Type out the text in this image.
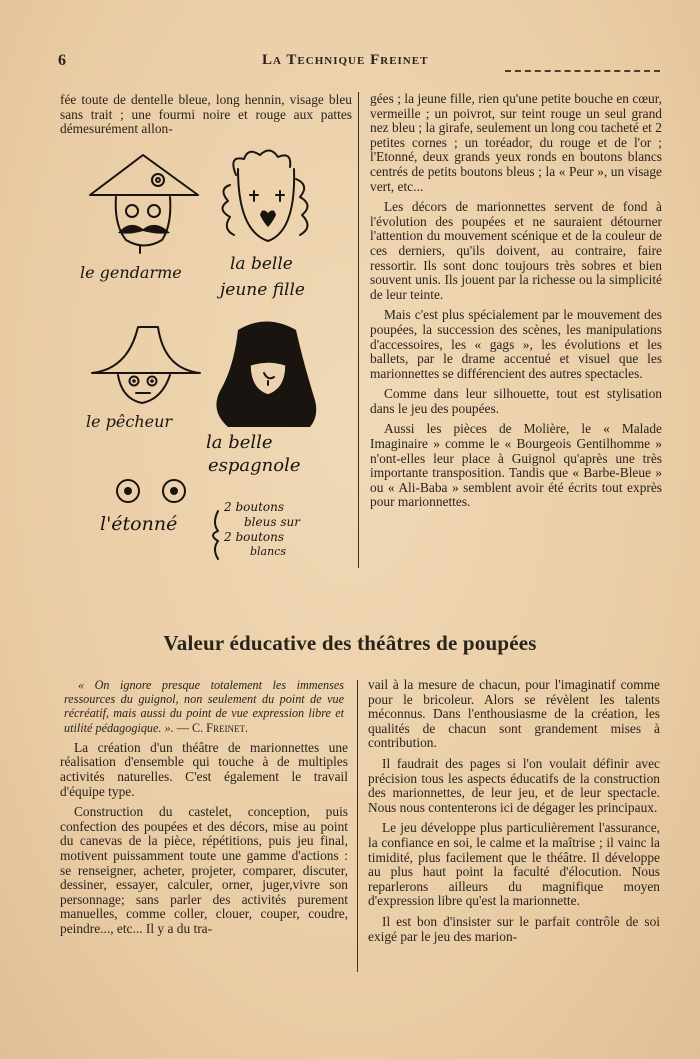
6	La Technique Freinet

fée toute de dentelle bleue, long hennin, visage bleu sans trait ; une fourmi noire et rouge aux pattes démesurément allon-

le gendarme	la belle
jeune fille
le pêcheur
la belle
espagnole
l'étonné
2 boutons
bleus sur
2 boutons
blancs

gées ; la jeune fille, rien qu'une petite bouche en cœur, vermeille ; un poivrot, sur teint rouge un seul grand nez bleu ; la girafe, seulement un long cou tacheté et 2 petites cornes ; un toréador, du rouge et de l'or ; l'Etonné, deux grands yeux ronds en boutons blancs centrés de petits boutons bleus ; la « Peur », un visage vert, etc...

Les décors de marionnettes servent de fond à l'évolution des poupées et ne sauraient détourner l'attention du mouvement scénique et de la couleur de ces derniers, qu'ils doivent, au contraire, faire ressortir. Ils sont donc toujours très sobres et bien souvent unis. Ils jouent par la richesse ou la simplicité de leur teinte.

Mais c'est plus spécialement par le mouvement des poupées, la succession des scènes, les manipulations d'accessoires, les « gags », les évolutions et les ballets, par le drame accentué et visuel que les marionnettes se différencient des autres spectacles.

Comme dans leur silhouette, tout est stylisation dans le jeu des poupées.

Aussi les pièces de Molière, le « Malade Imaginaire » comme le « Bourgeois Gentilhomme » n'ont-elles leur place à Guignol qu'après une très importante transposition. Tandis que « Barbe-Bleue » ou « Ali-Baba » semblent avoir été écrits tout exprès pour marionnettes.

Valeur éducative des théâtres de poupées

« On ignore presque totalement les immenses ressources du guignol, non seulement du point de vue récréatif, mais aussi du point de vue expression libre et utilité pédagogique. ». — C. Freinet.

La création d'un théâtre de marionnettes une réalisation d'ensemble qui touche à de multiples activités naturelles. C'est également le travail d'équipe type.

Construction du castelet, conception, puis confection des poupées et des décors, mise au point du canevas de la pièce, répétitions, puis jeu final, motivent puissamment toute une gamme d'actions : se renseigner, acheter, projeter, comparer, discuter, dessiner, essayer, calculer, orner, juger,vivre son personnage; sans parler des activités purement manuelles, comme coller, clouer, couper, coudre, peindre..., etc... Il y a du tra-

vail à la mesure de chacun, pour l'imaginatif comme pour le bricoleur. Alors se révèlent les talents méconnus. Dans l'enthousiasme de la création, les qualités de chacun sont grandement mises à contribution.

Il faudrait des pages si l'on voulait définir avec précision tous les aspects éducatifs de la construction des marionnettes, de leur jeu, et de leur spectacle. Nous nous contenterons ici de dégager les principaux.

Le jeu développe plus particulièrement l'assurance, la confiance en soi, le calme et la maîtrise ; il vainc la timidité, plus facilement que le théâtre. Il développe au plus haut point la faculté d'élocution. Nous reparlerons ailleurs du magnifique moyen d'expression libre qu'est la marionnette.

Il est bon d'insister sur le parfait contrôle de soi exigé par le jeu des marion-
